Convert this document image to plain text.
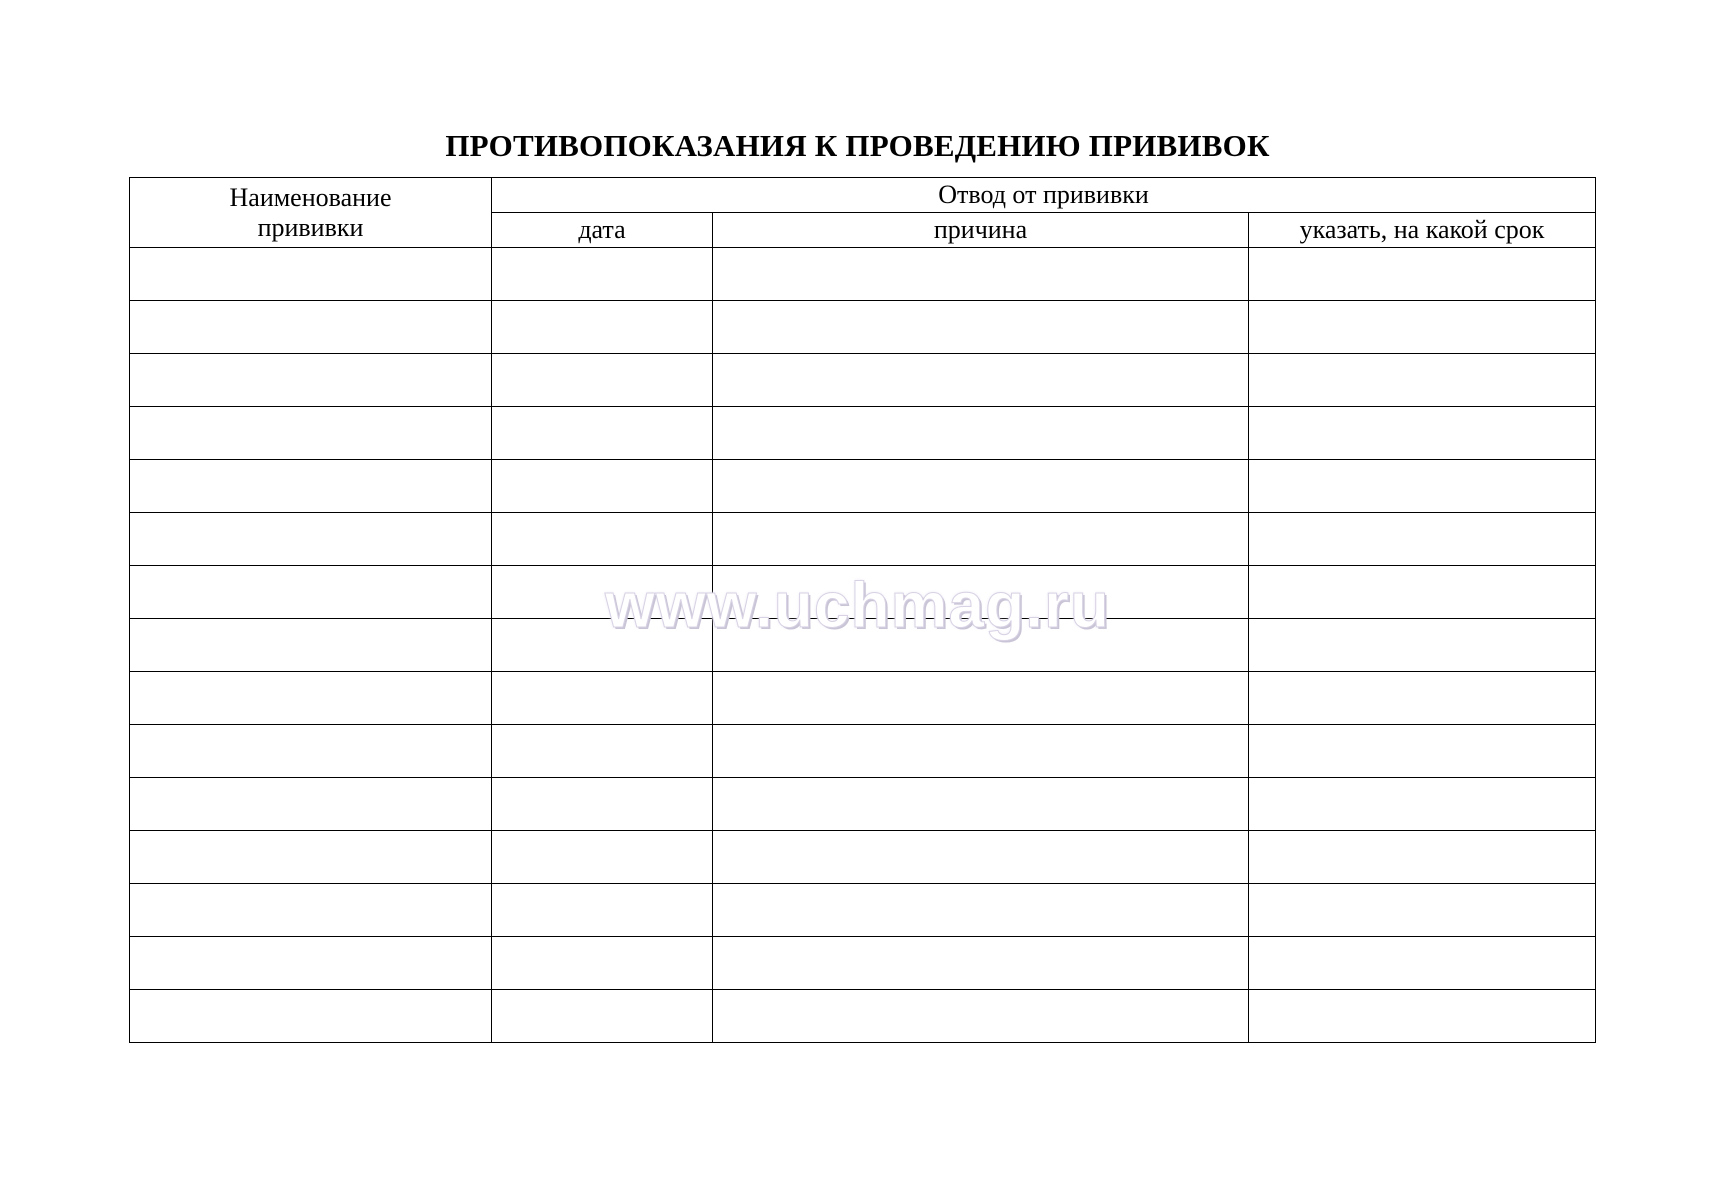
ПРОТИВОПОКАЗАНИЯ К ПРОВЕДЕНИЮ ПРИВИВОК
Наименование
прививки	Отвод от прививки		
	дата	причина	указать, на какой срок

www.uchmag.ru
